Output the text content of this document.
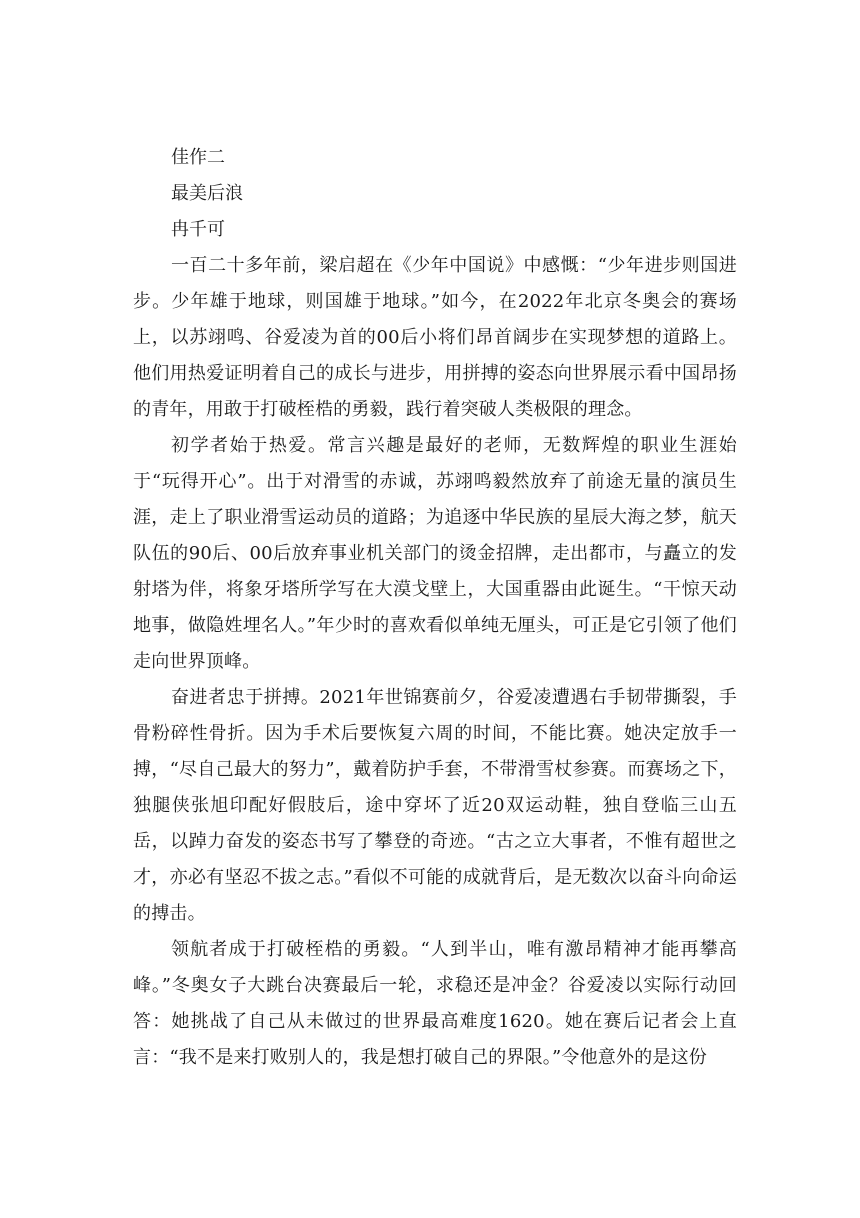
佳作二

最美后浪

冉千可

一百二十多年前，梁启超在《少年中国说》中感慨：“少年进步则国进步。少年雄于地球，则国雄于地球。”如今，在2022年北京冬奥会的赛场上，以苏翊鸣、谷爱凌为首的00后小将们昂首阔步在实现梦想的道路上。他们用热爱证明着自己的成长与进步，用拼搏的姿态向世界展示看中国昂扬的青年，用敢于打破桎梏的勇毅，践行着突破人类极限的理念。

初学者始于热爱。常言兴趣是最好的老师，无数辉煌的职业生涯始于“玩得开心”。出于对滑雪的赤诚，苏翊鸣毅然放弃了前途无量的演员生涯，走上了职业滑雪运动员的道路；为追逐中华民族的星辰大海之梦，航天队伍的90后、00后放弃事业机关部门的烫金招牌，走出都市，与矗立的发射塔为伴，将象牙塔所学写在大漠戈壁上，大国重器由此诞生。“干惊天动地事，做隐姓埋名人。”年少时的喜欢看似单纯无厘头，可正是它引领了他们走向世界顶峰。

奋进者忠于拼搏。2021年世锦赛前夕，谷爱凌遭遇右手韧带撕裂，手骨粉碎性骨折。因为手术后要恢复六周的时间，不能比赛。她决定放手一搏，“尽自己最大的努力”，戴着防护手套，不带滑雪杖参赛。而赛场之下，独腿侠张旭印配好假肢后，途中穿坏了近20双运动鞋，独自登临三山五岳，以踔力奋发的姿态书写了攀登的奇迹。“古之立大事者，不惟有超世之才，亦必有坚忍不拔之志。”看似不可能的成就背后，是无数次以奋斗向命运的搏击。

领航者成于打破桎梏的勇毅。“人到半山，唯有激昂精神才能再攀高峰。”冬奥女子大跳台决赛最后一轮，求稳还是冲金？谷爱凌以实际行动回答：她挑战了自己从未做过的世界最高难度1620。她在赛后记者会上直言：“我不是来打败别人的，我是想打破自己的界限。”令他意外的是这份
